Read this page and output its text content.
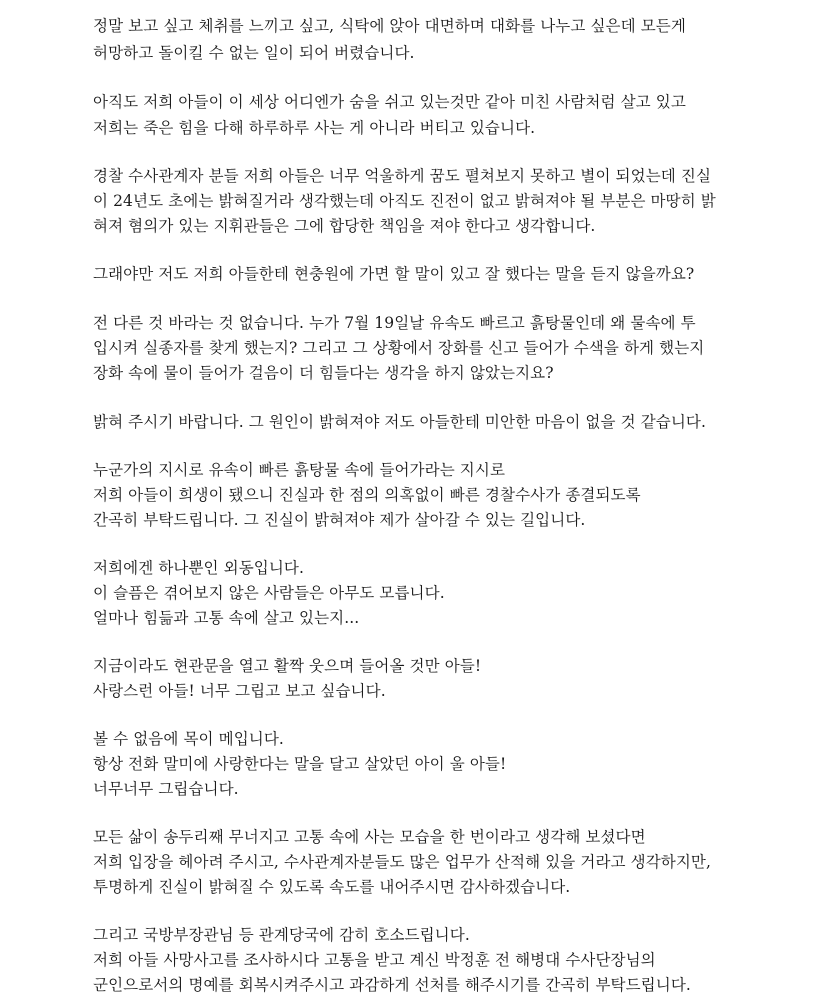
정말 보고 싶고 체취를 느끼고 싶고, 식탁에 앉아 대면하며 대화를 나누고 싶은데 모든게
허망하고 돌이킬 수 없는 일이 되어 버렸습니다.
아직도 저희 아들이 이 세상 어디엔가 숨을 쉬고 있는것만 같아 미친 사람처럼 살고 있고
저희는 죽은 힘을 다해 하루하루 사는 게 아니라 버티고 있습니다.
경찰 수사관계자 분들 저희 아들은 너무 억울하게 꿈도 펼쳐보지 못하고 별이 되었는데 진실
이 24년도 초에는 밝혀질거라 생각했는데 아직도 진전이 없고 밝혀져야 될 부분은 마땅히 밝
혀져 혐의가 있는 지휘관들은 그에 합당한 책임을 져야 한다고 생각합니다.
그래야만 저도 저희 아들한테 현충원에 가면 할 말이 있고 잘 했다는 말을 듣지 않을까요?
전 다른 것 바라는 것 없습니다. 누가 7월 19일날 유속도 빠르고 흙탕물인데 왜 물속에 투
입시켜 실종자를 찾게 했는지? 그리고 그 상황에서 장화를 신고 들어가 수색을 하게 했는지
장화 속에 물이 들어가 걸음이 더 힘들다는 생각을 하지 않았는지요?
밝혀 주시기 바랍니다. 그 원인이 밝혀져야 저도 아들한테 미안한 마음이 없을 것 같습니다.
누군가의 지시로 유속이 빠른 흙탕물 속에 들어가라는 지시로
저희 아들이 희생이 됐으니 진실과 한 점의 의혹없이 빠른 경찰수사가 종결되도록
간곡히 부탁드립니다. 그 진실이 밝혀져야 제가 살아갈 수 있는 길입니다.
저희에겐 하나뿐인 외동입니다.
이 슬픔은 겪어보지 않은 사람들은 아무도 모릅니다.
얼마나 힘듦과 고통 속에 살고 있는지...
지금이라도 현관문을 열고 활짝 웃으며 들어올 것만 아들!
사랑스런 아들! 너무 그립고 보고 싶습니다.
볼 수 없음에 목이 메입니다.
항상 전화 말미에 사랑한다는 말을 달고 살았던 아이 울 아들!
너무너무 그립습니다.
모든 삶이 송두리째 무너지고 고통 속에 사는 모습을 한 번이라고 생각해 보셨다면
저희 입장을 헤아려 주시고, 수사관계자분들도 많은 업무가 산적해 있을 거라고 생각하지만,
투명하게 진실이 밝혀질 수 있도록 속도를 내어주시면 감사하겠습니다.
그리고 국방부장관님 등 관계당국에 감히 호소드립니다.
저희 아들 사망사고를 조사하시다 고통을 받고 계신 박정훈 전 해병대 수사단장님의
군인으로서의 명예를 회복시켜주시고 과감하게 선처를 해주시기를 간곡히 부탁드립니다.
